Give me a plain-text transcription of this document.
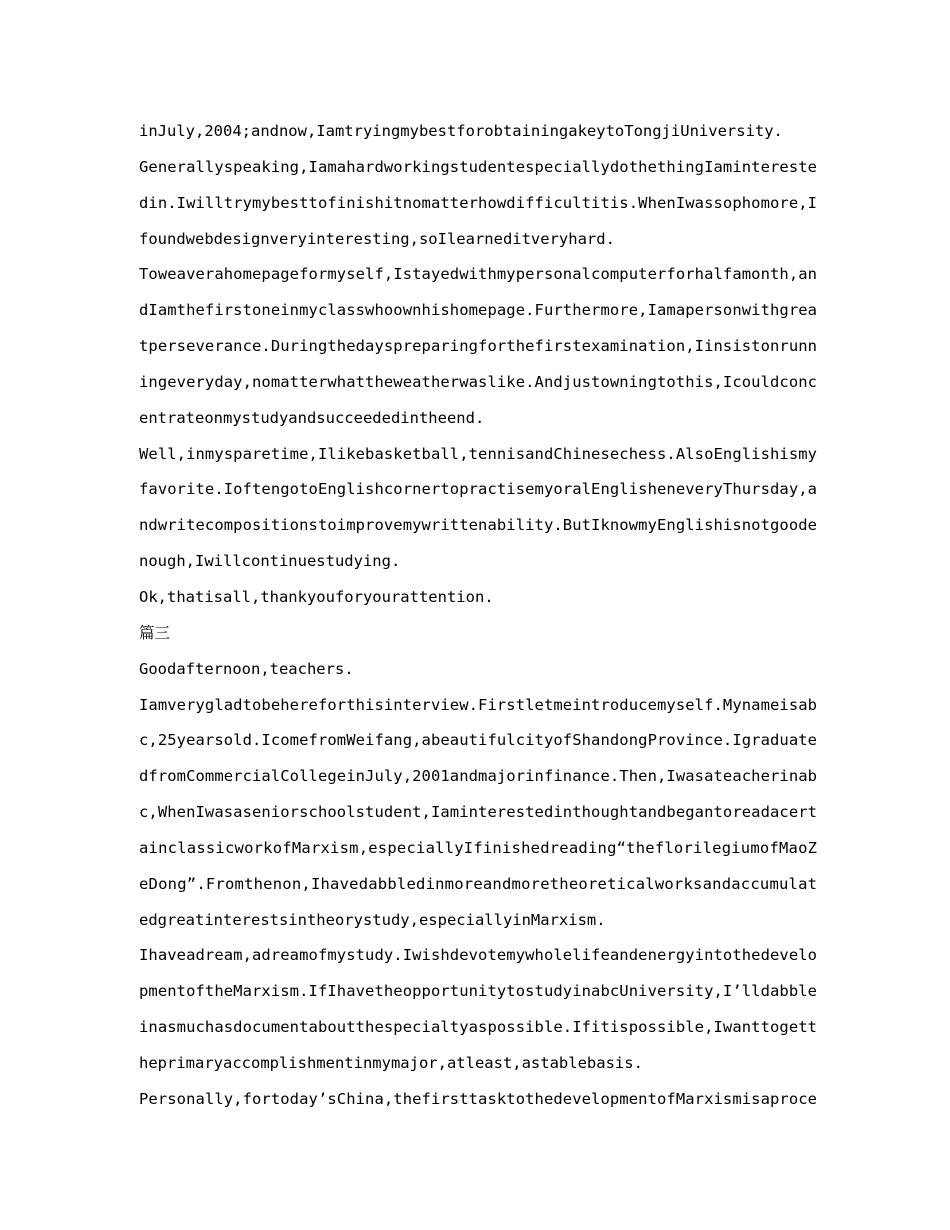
inJuly,2004;andnow,IamtryingmybestforobtainingakeytoTongjiUniversity.
Generallyspeaking,IamahardworkingstudentespeciallydothethingIamintereste
din.Iwilltrymybesttofinishitnomatterhowdifficultitis.WhenIwassophomore,I
foundwebdesignveryinteresting,soIlearneditveryhard.
Toweaverahomepageformyself,Istayedwithmypersonalcomputerforhalfamonth,an
dIamthefirstoneinmyclasswhoownhishomepage.Furthermore,Iamapersonwithgrea
tperseverance.Duringthedayspreparingforthefirstexamination,Iinsistonrunn
ingeveryday,nomatterwhattheweatherwaslike.Andjustowningtothis,Icouldconc
entrateonmystudyandsucceededintheend.
Well,inmysparetime,Ilikebasketball,tennisandChinesechess.AlsoEnglishismy
favorite.IoftengotoEnglishcornertopractisemyoralEnglisheneveryThursday,a
ndwritecompositionstoimprovemywrittenability.ButIknowmyEnglishisnotgoode
nough,Iwillcontinuestudying.
Ok,thatisall,thankyouforyourattention.
篇三
Goodafternoon,teachers.
Iamverygladtobehereforthisinterview.Firstletmeintroducemyself.Mynameisab
c,25yearsold.IcomefromWeifang,abeautifulcityofShandongProvince.Igraduate
dfromCommercialCollegeinJuly,2001andmajorinfinance.Then,Iwasateacherinab
c,WhenIwasaseniorschoolstudent,Iaminterestedinthoughtandbegantoreadacert
ainclassicworkofMarxism,especiallyIfinishedreading“theflorilegiumofMaoZ
eDong”.Fromthenon,Ihavedabbledinmoreandmoretheoreticalworksandaccumulat
edgreatinterestsintheorystudy,especiallyinMarxism.
Ihaveadream,adreamofmystudy.Iwishdevotemywholelifeandenergyintothedevelo
pmentoftheMarxism.IfIhavetheopportunitytostudyinabcUniversity,I’lldabble
inasmuchasdocumentaboutthespecialtyaspossible.Ifitispossible,Iwanttogett
heprimaryaccomplishmentinmymajor,atleast,astablebasis.
Personally,fortoday’sChina,thefirsttasktothedevelopmentofMarxismisaproce
